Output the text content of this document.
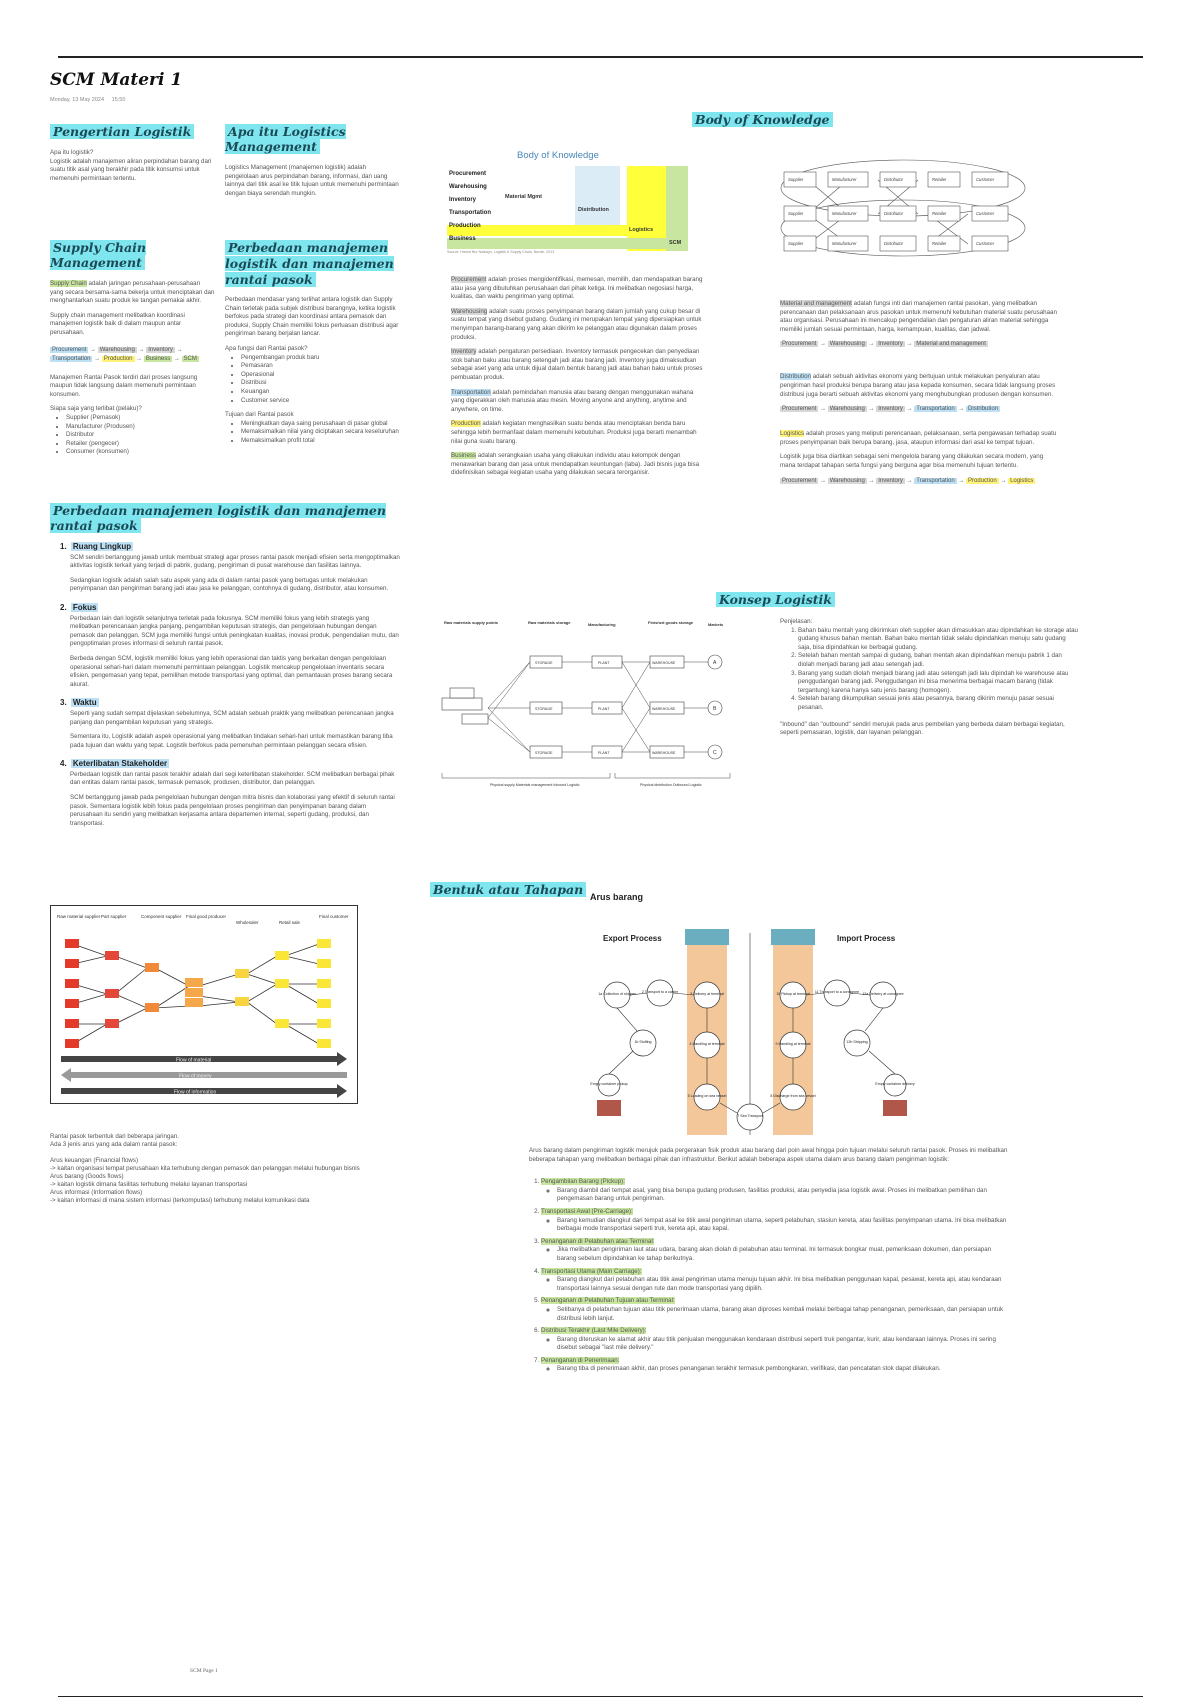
SCM Materi 1
Monday, 13 May 2024 15:50
Pengertian Logistik

Apa itu logistik?

Logistik adalah manajemen aliran perpindahan barang dari suatu titik asal yang berakhir pada titik konsumsi untuk memenuhi permintaan tertentu.

Supply Chain Management

Supply Chain adalah jaringan perusahaan-perusahaan yang secara bersama-sama bekerja untuk menciptakan dan menghantarkan suatu produk ke tangan pemakai akhir.

Supply chain management melibatkan koordinasi manajemen logistik baik di dalam maupun antar perusahaan.

Procurement → Warehousing → Inventory →
Transportation → Production → Business → SCM

Manajemen Rantai Pasok terdiri dari proses langsung maupun tidak langsung dalam memenuhi permintaan konsumen.

Siapa saja yang terlibat (pelaku)?

• Supplier (Pemasok)
• Manufacturer (Produsen)
• Distributor
• Retailer (pengecer)
• Consumer (konsumen)
Apa itu Logistics Management

Logistics Management (manajemen logistik) adalah pengelolaan arus perpindahan barang, informasi, dan uang lainnya dari titik asal ke titik tujuan untuk memenuhi permintaan dengan biaya serendah mungkin.

Perbedaan manajemen logistik dan manajemen rantai pasok

Perbedaan mendasar yang terlihat antara logistik dan Supply Chain terletak pada subjek distribusi barangnya, ketika logistik berfokus pada strategi dan koordinasi antara pemasok dan produksi, Supply Chain memiliki fokus perluasan distribusi agar pengiriman barang berjalan lancar.

Apa fungsi dari Rantai pasok?

• Pengembangan produk baru
• Pemasaran
• Operasional
• Distribusi
• Keuangan
• Customer service

Tujuan dari Rantai pasok

• Meningkatkan daya saing perusahaan di pasar global
• Memaksimalkan nilai yang diciptakan secara keseluruhan
• Memaksimalkan profit total
Perbedaan manajemen logistik dan manajemen rantai pasok
1. Ruang Lingkup

SCM sendiri bertanggung jawab untuk membuat strategi agar proses rantai pasok menjadi efisien serta mengoptimalkan aktivitas logistik terkait yang terjadi di pabrik, gudang, pengiriman di pusat warehouse dan fasilitas lainnya.

Sedangkan logistik adalah salah satu aspek yang ada di dalam rantai pasok yang bertugas untuk melakukan penyimpanan dan pengiriman barang jadi atau jasa ke pelanggan, contohnya di gudang, distributor, atau konsumen.

2. Fokus

Perbedaan lain dari logistik selanjutnya terletak pada fokusnya. SCM memiliki fokus yang lebih strategis yang melibatkan perencanaan jangka panjang, pengambilan keputusan strategis, dan pengelolaan hubungan dengan pemasok dan pelanggan. SCM juga memiliki fungsi untuk peningkatan kualitas, inovasi produk, pengendalian mutu, dan pengoptimalan proses informasi di seluruh rantai pasok.

Berbeda dengan SCM, logistik memiliki fokus yang lebih operasional dan taktis yang berkaitan dengan pengelolaan operasional sehari-hari dalam memenuhi permintaan pelanggan. Logistik mencakup pengelolaan inventaris secara efisien, pengemasan yang tepat, pemilihan metode transportasi yang optimal, dan pemantauan proses barang secara akurat.

3. Waktu

Seperti yang sudah sempat dijelaskan sebelumnya, SCM adalah sebuah praktik yang melibatkan perencanaan jangka panjang dan pengambilan keputusan yang strategis.

Sementara itu, Logistik adalah aspek operasional yang melibatkan tindakan sehari-hari untuk memastikan barang tiba pada tujuan dan waktu yang tepat. Logistik berfokus pada pemenuhan permintaan pelanggan secara efisien.

4. Keterlibatan Stakeholder

Perbedaan logistik dan rantai pasok terakhir adalah dari segi keterlibatan stakeholder. SCM melibatkan berbagai pihak dan entitas dalam rantai pasok, termasuk pemasok, produsen, distributor, dan pelanggan.

SCM bertanggung jawab pada pengelolaan hubungan dengan mitra bisnis dan kolaborasi yang efektif di seluruh rantai pasok. Sementara logistik lebih fokus pada pengelolaan proses pengiriman dan penyimpanan barang dalam perusahaan itu sendiri yang melibatkan kerjasama antara departemen internal, seperti gudang, produksi, dan transportasi.

Raw material supplier Part supplier	Component supplier Final good producer
Wholesaler	Retail sale
Final customer
Flow of material
Flow of money
Flow of information
Rantai pasok terbentuk dari beberapa jaringan.
Ada 3 jenis arus yang ada dalam rantai pasok:
Arus keuangan (Financial flows)
-> kaitan organisasi tempat perusahaan kita terhubung dengan pemasok dan pelanggan melalui hubungan bisnis
Arus barang (Goods flows)
-> kaitan logistik dimana fasilitas terhubung melalui layanan transportasi
Arus informasi (Information flows)
-> kaitan informasi di mana sistem informasi (terkomputasi) terhubung melalui komunikasi data
Body of Knowledge
Body of Knowledge
Procurement
Warehousing
Inventory
Transportation
Production
Business
Material Mgmt
Distribution
Logistics
SCM
Source: Hamid Nur Nadiayo, Logistik & Supply Chain, Nurdin, 2013
Supplier	Manufacturer	Distributor	Retailer	Customer
Supplier	Manufacturer	Distributor	Retailer	Customer
Supplier	Manufacturer	Distributor	Retailer	Customer

Procurement adalah proses mengidentifikasi, memesan, memilih, dan mendapatkan barang atau jasa yang dibutuhkan perusahaan dari pihak ketiga. Ini melibatkan negosiasi harga, kualitas, dan waktu pengiriman yang optimal.

Warehousing adalah suatu proses penyimpanan barang dalam jumlah yang cukup besar di suatu tempat yang disebut gudang. Gudang ini merupakan tempat yang dipersiapkan untuk menyimpan barang-barang yang akan dikirim ke pelanggan atau digunakan dalam proses produksi.

Inventory adalah pengaturan persediaan. Inventory termasuk pengecekan dan penyediaan stok bahan baku atau barang setengah jadi atau barang jadi. Inventory juga dimaksudkan sebagai aset yang ada untuk dijual dalam bentuk barang jadi atau bahan baku untuk proses pembuatan produk.

Transportation adalah pemindahan manusia atau barang dengan menggunakan wahana yang digerakkan oleh manusia atau mesin. Moving anyone and anything, anytime and anywhere, on time.

Production adalah kegiatan menghasilkan suatu benda atau menciptakan benda baru sehingga lebih bermanfaat dalam memenuhi kebutuhan. Produksi juga berarti menambah nilai guna suatu barang.

Business adalah serangkaian usaha yang dilakukan individu atau kelompok dengan menawarkan barang dan jasa untuk mendapatkan keuntungan (laba). Jadi bisnis juga bisa didefinisikan sebagai kegiatan usaha yang dilakukan secara terorganisir.

Material and management adalah fungsi inti dari manajemen rantai pasokan, yang melibatkan perencanaan dan pelaksanaan arus pasokan untuk memenuhi kebutuhan material suatu perusahaan atau organisasi. Perusahaan ini mencakup pengendalian dan pengaturan aliran material sehingga memiliki jumlah sesuai permintaan, harga, kemampuan, kualitas, dan jadwal.

Procurement → Warehousing → Inventory → Material and management

Distribution adalah sebuah aktivitas ekonomi yang bertujuan untuk melakukan penyaluran atau pengiriman hasil produksi berupa barang atau jasa kepada konsumen, secara tidak langsung proses distribusi juga berarti sebuah aktivitas ekonomi yang menghubungkan produsen dengan konsumen.

Procurement → Warehousing → Inventory → Transportation → Distribution

Logistics adalah proses yang meliputi perencanaan, pelaksanaan, serta pengawasan terhadap suatu proses penyimpanan baik berupa barang, jasa, ataupun informasi dari asal ke tempat tujuan.

Logistik juga bisa diartikan sebagai seni mengelola barang yang dilakukan secara modern, yang mana terdapat tahapan serta fungsi yang berguna agar bisa memenuhi tujuan tertentu.

Procurement → Warehousing → Inventory → Transportation → Production → Logistics
Konsep Logistik
Raw materials supply points	Raw materials storage	Manufacturing	Finished goods storage	Markets
STORAGE
STORAGE
STORAGE
PLANT
PLANT
PLANT
WAREHOUSE
WAREHOUSE
WAREHOUSE
A
B
C
Physical supply Materials management Inbound Logistic	Physical distribution Outbound Logistic

Penjelasan:

1. Bahan baku mentah yang dikirimkan oleh supplier akan dimasukkan atau dipindahkan ke storage atau gudang khusus bahan mentah. Bahan baku mentah tidak selalu dipindahkan menuju satu gudang saja, bisa dipindahkan ke berbagai gudang.
2. Setelah bahan mentah sampai di gudang, bahan mentah akan dipindahkan menuju pabrik 1 dan diolah menjadi barang jadi atau setengah jadi.
3. Barang yang sudah diolah menjadi barang jadi atau setengah jadi lalu dipindah ke warehouse atau penggudangan barang jadi. Penggudangan ini bisa menerima berbagai macam barang (tidak tergantung) karena hanya satu jenis barang (homogen).
4. Setelah barang dikumpulkan sesuai jenis atau pesannya, barang dikirim menuju pasar sesuai pesanan.

"Inbound" dan "outbound" sendiri merujuk pada arus pembelian yang berbeda dalam berbagai kegiatan, seperti pemasaran, logistik, dan layanan pelanggan.

Bentuk atau Tahapan Arus barang
Export Process	Import Process
1a Collection of shipper 2 Transport to a carrier
1b Stuffing
Empty container pickup
3 Delivery at terminal
4 Handling at terminal
5 Loading on sea vessel
7 Sea Transport
8 Discharge from sea vessel
9 Handling at terminal
10 Pickup at terminal 11 Transport to a consignee 12a Delivery at consignee
12b Stripping
Empty container delivery

Arus barang dalam pengiriman logistik merujuk pada pergerakan fisik produk atau barang dari poin awal hingga poin tujuan melalui seluruh rantai pasok. Proses ini melibatkan beberapa tahapan yang melibatkan berbagai pihak dan infrastruktur. Berikut adalah beberapa aspek utama dalam arus barang dalam pengiriman logistik:

1. Pengambilan Barang (Pickup):
◦ Barang diambil dari tempat asal, yang bisa berupa gudang produsen, fasilitas produksi, atau penyedia jasa logistik awal. Proses ini melibatkan pemilihan dan pengemasan barang untuk pengiriman.
2. Transportasi Awal (Pre-Carriage):
◦ Barang kemudian diangkut dari tempat asal ke titik awal pengiriman utama, seperti pelabuhan, stasiun kereta, atau fasilitas penyimpanan utama. Ini bisa melibatkan berbagai mode transportasi seperti truk, kereta api, atau kapal.
3. Penanganan di Pelabuhan atau Terminal:
◦ Jika melibatkan pengiriman laut atau udara, barang akan diolah di pelabuhan atau terminal. Ini termasuk bongkar muat, pemeriksaan dokumen, dan persiapan barang sebelum dipindahkan ke tahap berikutnya.
4. Transportasi Utama (Main Carriage):
◦ Barang diangkut dari pelabuhan atau titik awal pengiriman utama menuju tujuan akhir. Ini bisa melibatkan penggunaan kapal, pesawat, kereta api, atau kendaraan transportasi lainnya sesuai dengan rute dan mode transportasi yang dipilih.
5. Penanganan di Pelabuhan Tujuan atau Terminal:
◦ Setibanya di pelabuhan tujuan atau titik penerimaan utama, barang akan diproses kembali melalui berbagai tahap penanganan, pemeriksaan, dan persiapan untuk distribusi lebih lanjut.
6. Distribusi Terakhir (Last Mile Delivery):
◦ Barang diteruskan ke alamat akhir atau titik penjualan menggunakan kendaraan distribusi seperti truk pengantar, kurir, atau kendaraan lainnya. Proses ini sering disebut sebagai "last mile delivery."
7. Penanganan di Penerimaan:
◦ Barang tiba di penerimaan akhir, dan proses penanganan terakhir termasuk pembongkaran, verifikasi, dan pencatatan stok dapat dilakukan.
SCM Page 1
